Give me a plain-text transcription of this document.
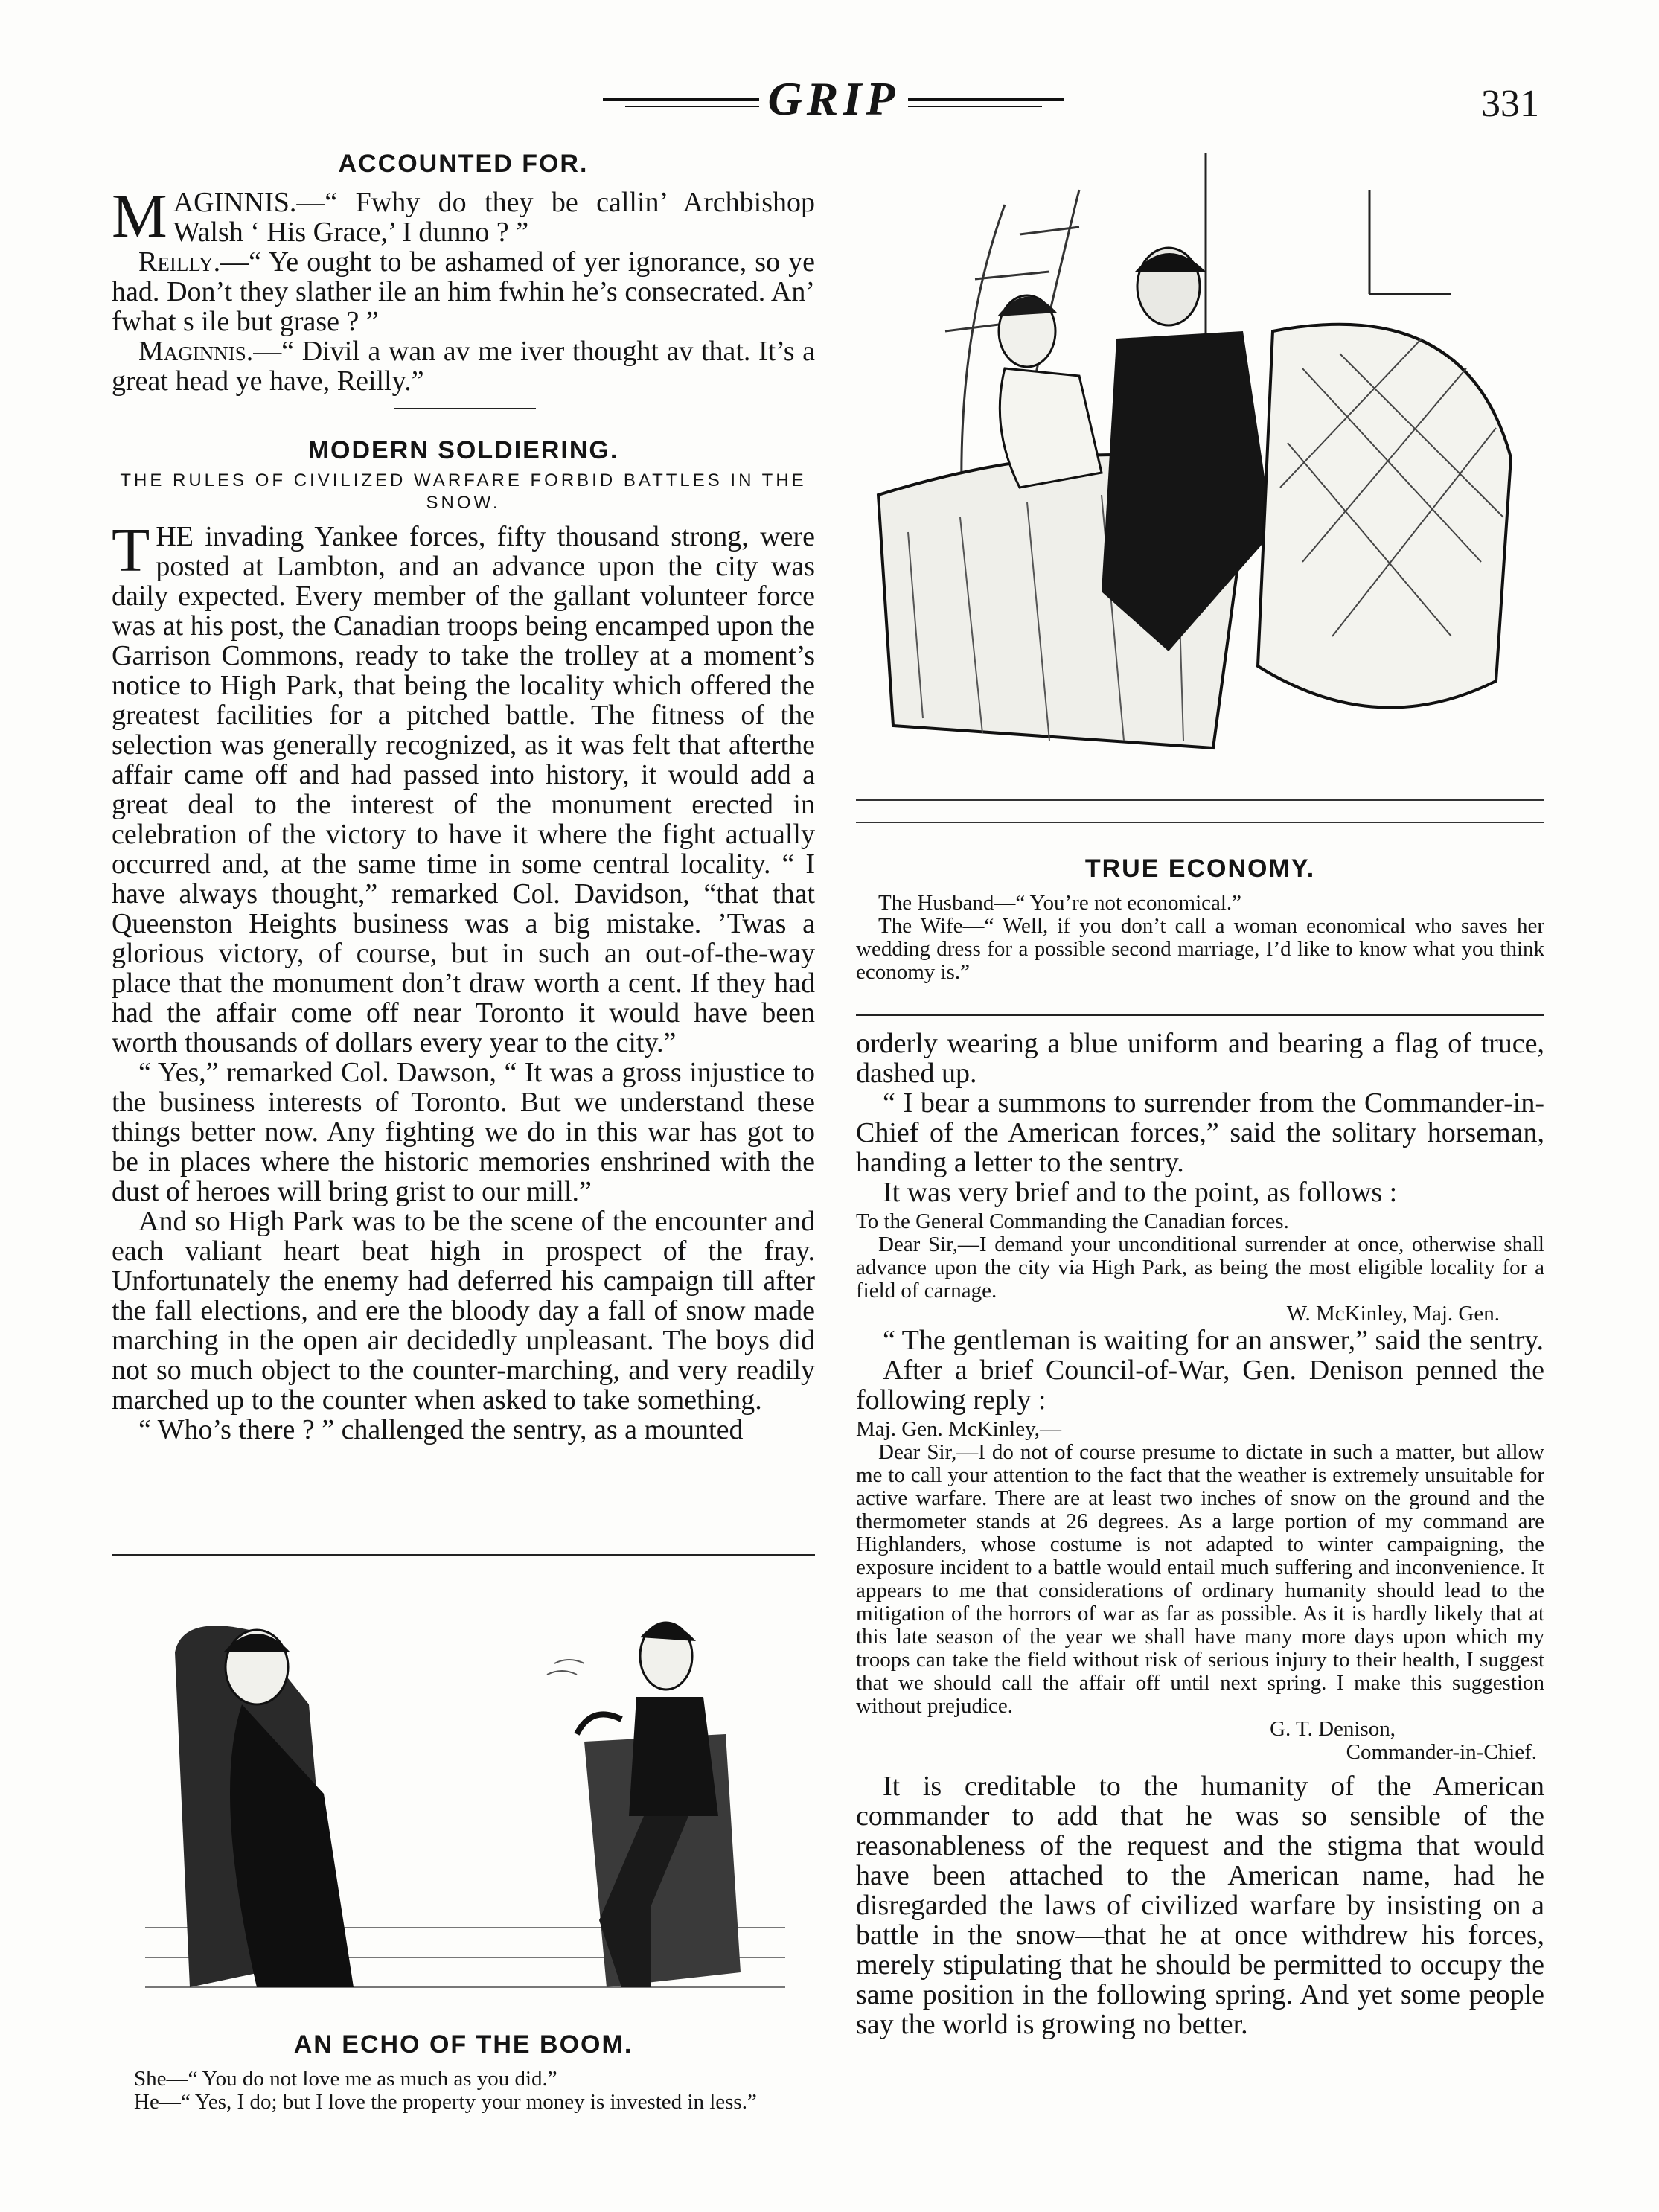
GRIP	331
ACCOUNTED FOR.

MAGINNIS.—“ Fwhy do they be callin’ Archbishop Walsh ‘ His Grace,’ I dunno ? ”

Reilly.—“ Ye ought to be ashamed of yer ignorance, so ye had. Don’t they slather ile an him fwhin he’s consecrated. An’ fwhat s ile but grase ? ”

Maginnis.—“ Divil a wan av me iver thought av that. It’s a great head ye have, Reilly.”

MODERN SOLDIERING.
THE RULES OF CIVILIZED WARFARE FORBID BATTLES IN THE SNOW.

THE invading Yankee forces, fifty thousand strong, were posted at Lambton, and an advance upon the city was daily expected. Every member of the gallant volunteer force was at his post, the Canadian troops being encamped upon the Garrison Commons, ready to take the trolley at a moment’s notice to High Park, that being the locality which offered the greatest facilities for a pitched battle. The fitness of the selection was generally recognized, as it was felt that afterthe affair came off and had passed into history, it would add a great deal to the interest of the monument erected in celebration of the victory to have it where the fight actually occurred and, at the same time in some central locality. “ I have always thought,” remarked Col. Davidson, “that that Queenston Heights business was a big mistake. ’Twas a glorious victory, of course, but in such an out-of-the-way place that the monument don’t draw worth a cent. If they had had the affair come off near Toronto it would have been worth thousands of dollars every year to the city.”

“ Yes,” remarked Col. Dawson, “ It was a gross injustice to the business interests of Toronto. But we understand these things better now. Any fighting we do in this war has got to be in places where the historic memories enshrined with the dust of heroes will bring grist to our mill.”

And so High Park was to be the scene of the encounter and each valiant heart beat high in prospect of the fray. Unfortunately the enemy had deferred his campaign till after the fall elections, and ere the bloody day a fall of snow made marching in the open air decidedly unpleasant. The boys did not so much object to the counter-marching, and very readily marched up to the counter when asked to take something.

“ Who’s there ? ” challenged the sentry, as a mounted

AN ECHO OF THE BOOM.

She—“ You do not love me as much as you did.”

He—“ Yes, I do; but I love the property your money is invested in less.”

TRUE ECONOMY.

The Husband—“ You’re not economical.”

The Wife—“ Well, if you don’t call a woman economical who saves her wedding dress for a possible second marriage, I’d like to know what you think economy is.”

orderly wearing a blue uniform and bearing a flag of truce, dashed up.

“ I bear a summons to surrender from the Commander-in-Chief of the American forces,” said the solitary horseman, handing a letter to the sentry.

It was very brief and to the point, as follows :

To the General Commanding the Canadian forces.

Dear Sir,—I demand your unconditional surrender at once, otherwise shall advance upon the city via High Park, as being the most eligible locality for a field of carnage.

W. McKinley, Maj. Gen.

“ The gentleman is waiting for an answer,” said the sentry.

After a brief Council-of-War, Gen. Denison penned the following reply :

Maj. Gen. McKinley,—

Dear Sir,—I do not of course presume to dictate in such a matter, but allow me to call your attention to the fact that the weather is extremely unsuitable for active warfare. There are at least two inches of snow on the ground and the thermometer stands at 26 degrees. As a large portion of my command are Highlanders, whose costume is not adapted to winter campaigning, the exposure incident to a battle would entail much suffering and inconvenience. It appears to me that considerations of ordinary humanity should lead to the mitigation of the horrors of war as far as possible. As it is hardly likely that at this late season of the year we shall have many more days upon which my troops can take the field without risk of serious injury to their health, I suggest that we should call the affair off until next spring. I make this suggestion without prejudice.

G. T. Denison,

Commander-in-Chief.

It is creditable to the humanity of the American commander to add that he was so sensible of the reasonableness of the request and the stigma that would have been attached to the American name, had he disregarded the laws of civilized warfare by insisting on a battle in the snow—that he at once withdrew his forces, merely stipulating that he should be permitted to occupy the same position in the following spring. And yet some people say the world is growing no better.
